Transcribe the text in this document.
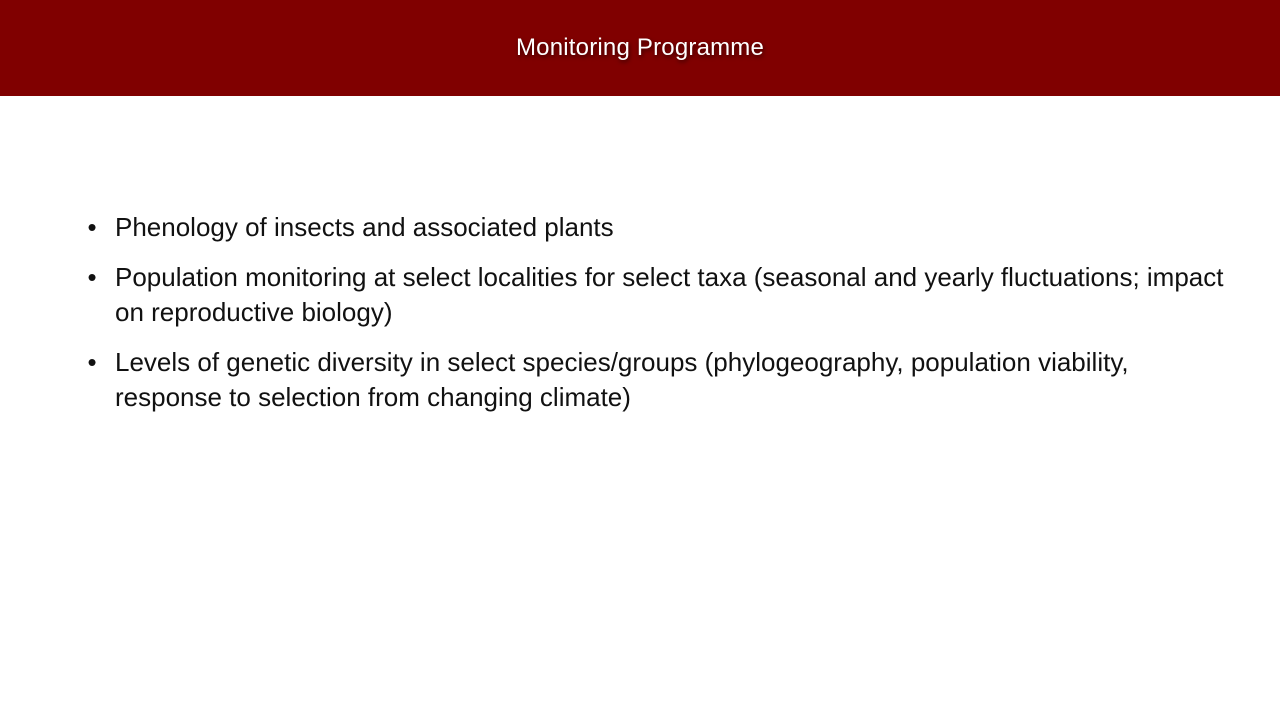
Monitoring Programme
• Phenology of insects and associated plants
• Population monitoring at select localities for select taxa (seasonal and yearly fluctuations; impact on reproductive biology)
• Levels of genetic diversity in select species/groups (phylogeography, population viability, response to selection from changing climate)
